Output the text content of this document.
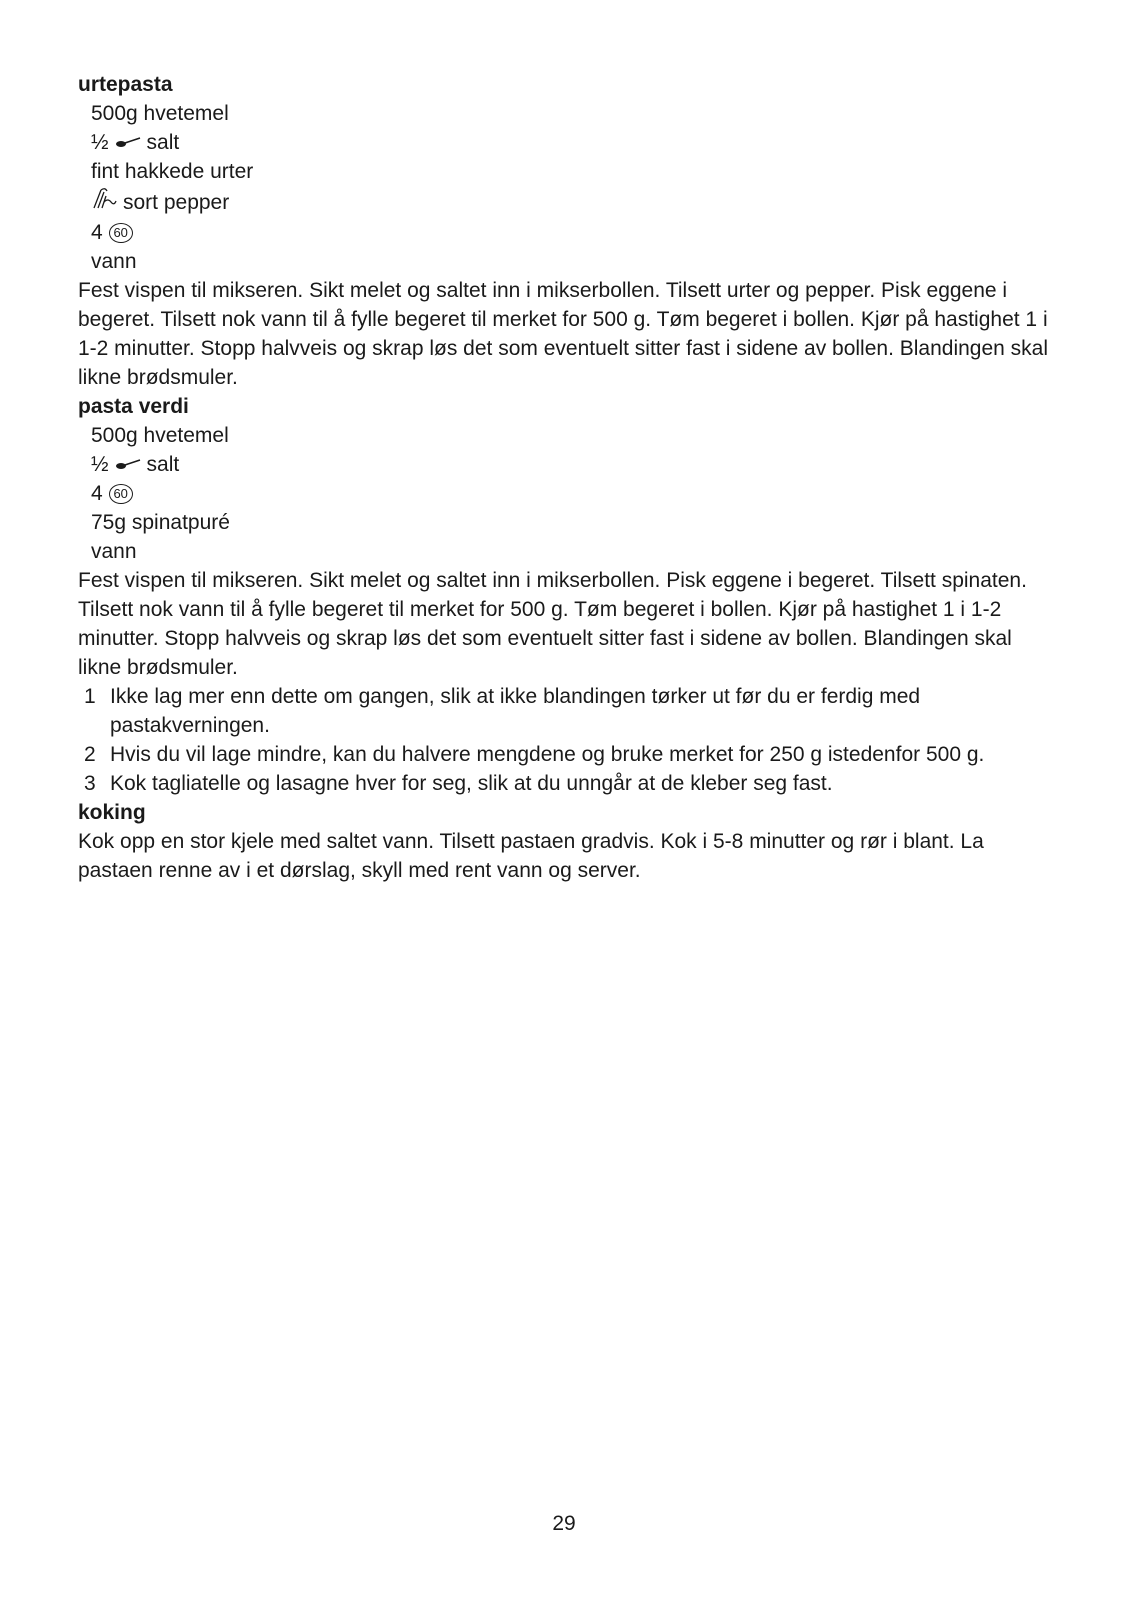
urtepasta

500g hvetemel
½ salt
fint hakkede urter
sort pepper
4 60
vann

Fest vispen til mikseren. Sikt melet og saltet inn i mikserbollen. Tilsett urter og pepper. Pisk eggene i begeret. Tilsett nok vann til å fylle begeret til merket for 500 g. Tøm begeret i bollen. Kjør på hastighet 1 i 1-2 minutter. Stopp halvveis og skrap løs det som eventuelt sitter fast i sidene av bollen. Blandingen skal likne brødsmuler.

pasta verdi

500g hvetemel
½ salt
4 60
75g spinatpuré
vann

Fest vispen til mikseren. Sikt melet og saltet inn i mikserbollen. Pisk eggene i begeret. Tilsett spinaten. Tilsett nok vann til å fylle begeret til merket for 500 g. Tøm begeret i bollen. Kjør på hastighet 1 i 1-2 minutter. Stopp halvveis og skrap løs det som eventuelt sitter fast i sidene av bollen. Blandingen skal likne brødsmuler.

1 Ikke lag mer enn dette om gangen, slik at ikke blandingen tørker ut før du er ferdig med pastakverningen.
2 Hvis du vil lage mindre, kan du halvere mengdene og bruke merket for 250 g istedenfor 500 g.
3 Kok tagliatelle og lasagne hver for seg, slik at du unngår at de kleber seg fast.

koking

Kok opp en stor kjele med saltet vann. Tilsett pastaen gradvis. Kok i 5-8 minutter og rør i blant. La pastaen renne av i et dørslag, skyll med rent vann og server.

29
